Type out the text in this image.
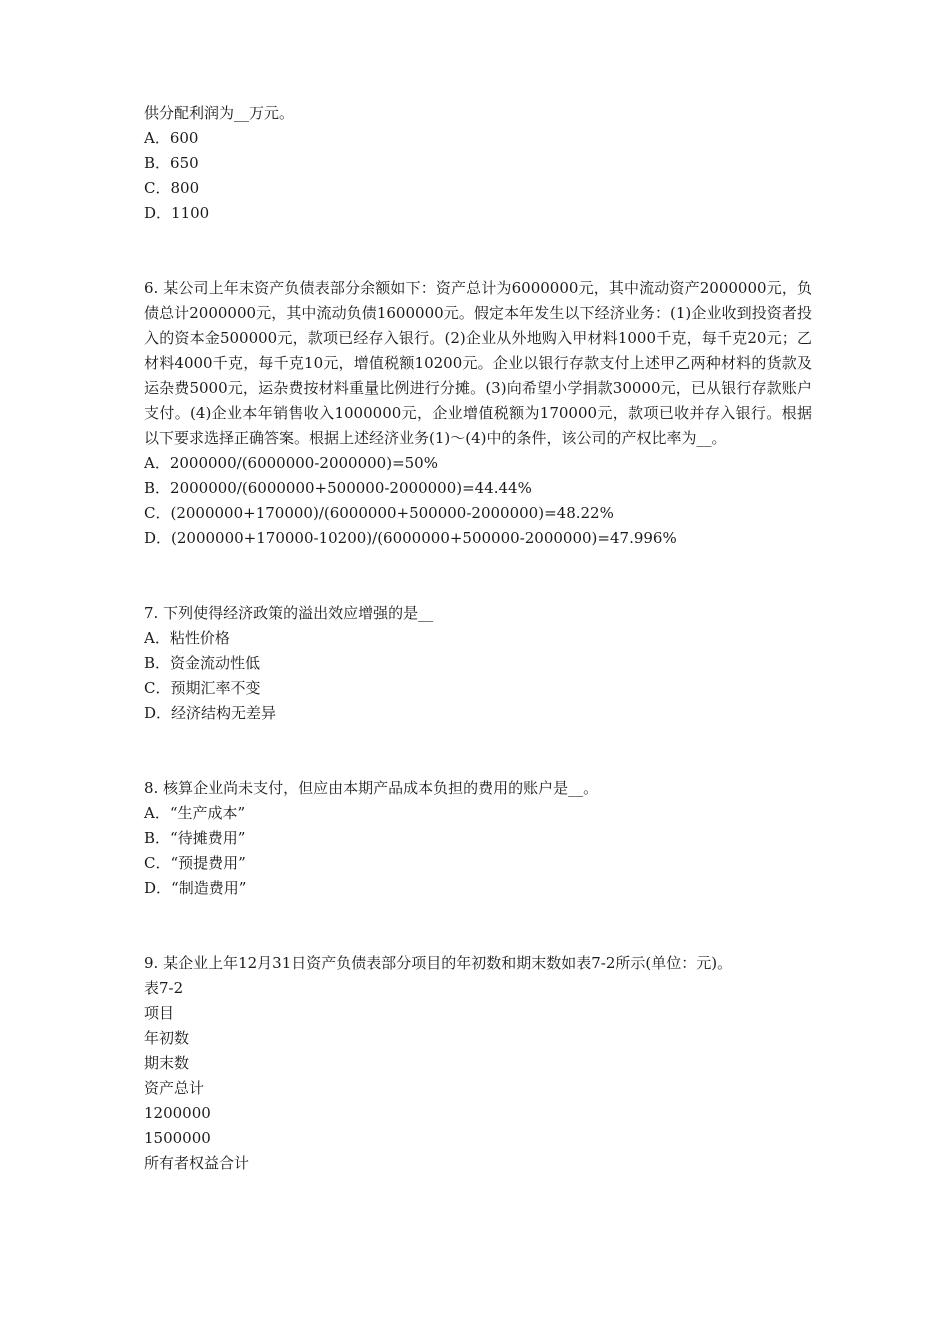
供分配利润为__万元。
A．600
B．650
C．800
D．1100
6. 某公司上年末资产负债表部分余额如下：资产总计为6000000元，其中流动资产2000000元，负债总计2000000元，其中流动负债1600000元。假定本年发生以下经济业务：(1)企业收到投资者投入的资本金500000元，款项已经存入银行。(2)企业从外地购入甲材料1000千克，每千克20元；乙材料4000千克，每千克10元，增值税额10200元。企业以银行存款支付上述甲乙两种材料的货款及运杂费5000元，运杂费按材料重量比例进行分摊。(3)向希望小学捐款30000元，已从银行存款账户支付。(4)企业本年销售收入1000000元，企业增值税额为170000元，款项已收并存入银行。根据以下要求选择正确答案。根据上述经济业务(1)～(4)中的条件，该公司的产权比率为__。
A．2000000/(6000000-2000000)=50%
B．2000000/(6000000+500000-2000000)=44.44%
C．(2000000+170000)/(6000000+500000-2000000)=48.22%
D．(2000000+170000-10200)/(6000000+500000-2000000)=47.996%
7. 下列使得经济政策的溢出效应增强的是__
A．粘性价格
B．资金流动性低
C．预期汇率不变
D．经济结构无差异
8. 核算企业尚未支付，但应由本期产品成本负担的费用的账户是__。
A．“生产成本”
B．“待摊费用”
C．“预提费用”
D．“制造费用”
9. 某企业上年12月31日资产负债表部分项目的年初数和期末数如表7-2所示(单位：元)。
表7-2
项目
年初数
期末数
资产总计
1200000
1500000
所有者权益合计
